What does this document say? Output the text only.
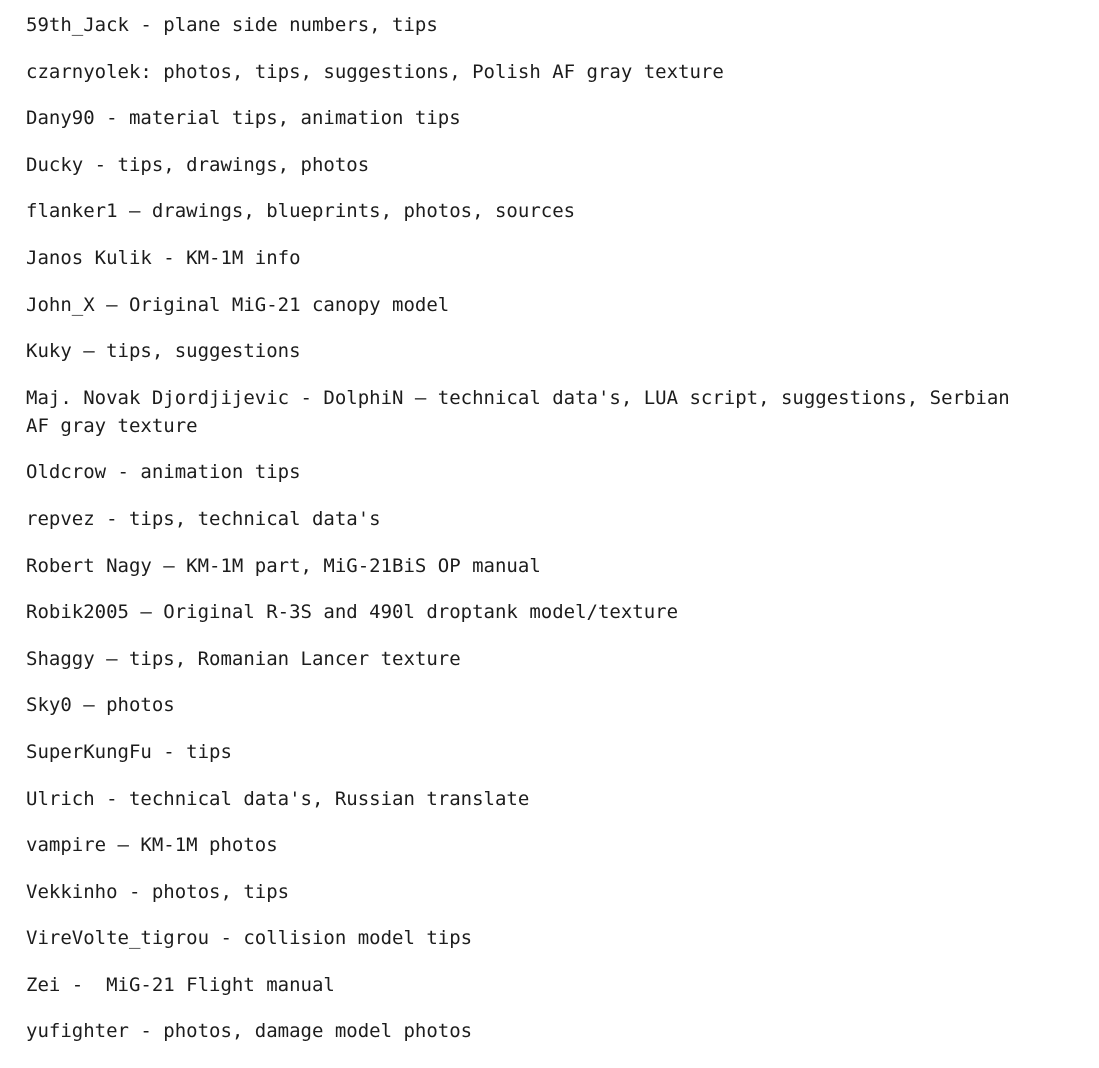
59th_Jack - plane side numbers, tips
czarnyolek: photos, tips, suggestions, Polish AF gray texture
Dany90 - material tips, animation tips
Ducky - tips, drawings, photos
flanker1 – drawings, blueprints, photos, sources
Janos Kulik - KM-1M info
John_X – Original MiG-21 canopy model
Kuky – tips, suggestions
Maj. Novak Djordjijevic - DolphiN – technical data's, LUA script, suggestions, Serbian AF gray texture
Oldcrow - animation tips
repvez - tips, technical data's
Robert Nagy – KM-1M part, MiG-21BiS OP manual
Robik2005 – Original R-3S and 490l droptank model/texture
Shaggy – tips, Romanian Lancer texture
Sky0 – photos
SuperKungFu - tips
Ulrich - technical data's, Russian translate
vampire – KM-1M photos
Vekkinho - photos, tips
VireVolte_tigrou - collision model tips
Zei -  MiG-21 Flight manual
yufighter - photos, damage model photos
